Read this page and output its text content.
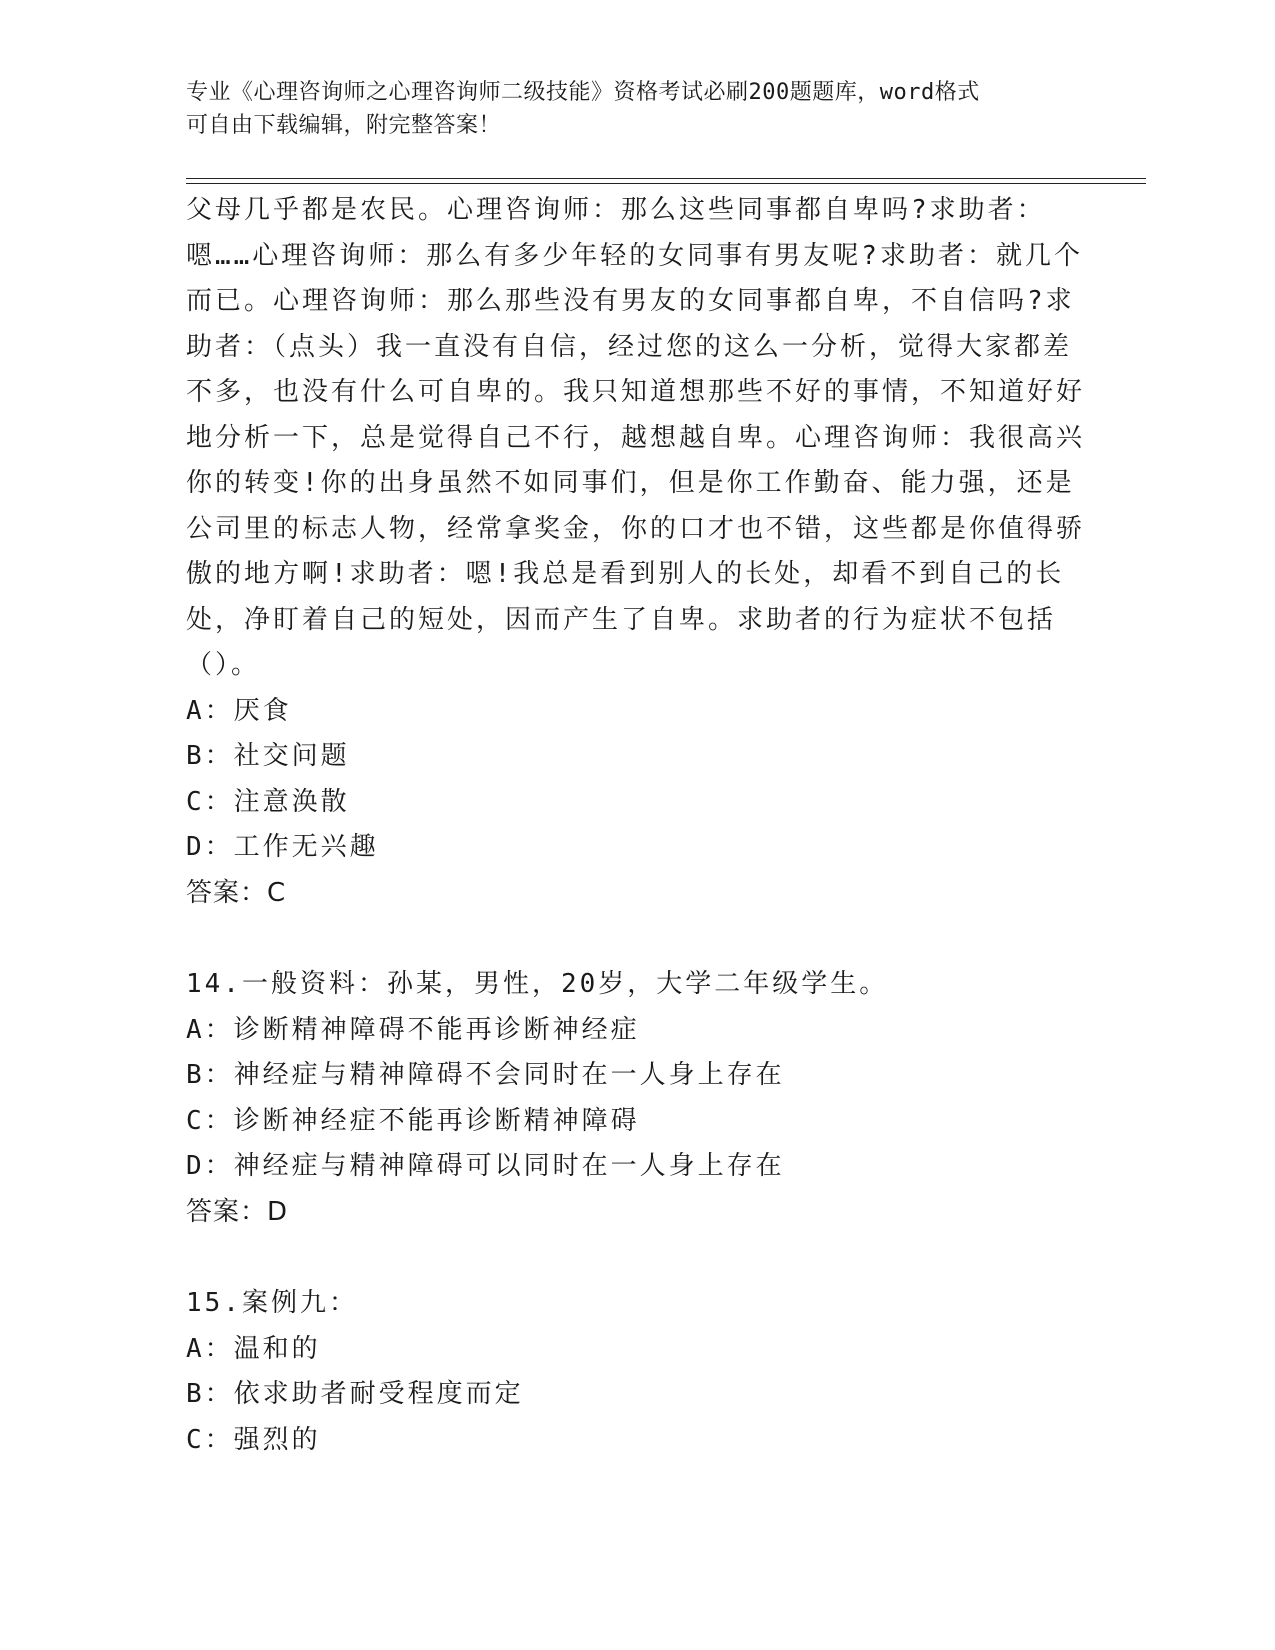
专业《心理咨询师之心理咨询师二级技能》资格考试必刷200题题库，word格式
可自由下载编辑，附完整答案！

父母几乎都是农民。心理咨询师：那么这些同事都自卑吗?求助者：嗯……心理咨询师：那么有多少年轻的女同事有男友呢?求助者：就几个而已。心理咨询师：那么那些没有男友的女同事都自卑，不自信吗?求助者：（点头）我一直没有自信，经过您的这么一分析，觉得大家都差不多，也没有什么可自卑的。我只知道想那些不好的事情，不知道好好地分析一下，总是觉得自己不行，越想越自卑。心理咨询师：我很高兴你的转变!你的出身虽然不如同事们，但是你工作勤奋、能力强，还是公司里的标志人物，经常拿奖金，你的口才也不错，这些都是你值得骄傲的地方啊!求助者：嗯!我总是看到别人的长处，却看不到自己的长处，净盯着自己的短处，因而产生了自卑。求助者的行为症状不包括（）。

A：厌食

B：社交问题

C：注意涣散

D：工作无兴趣

答案：C

14.一般资料：孙某，男性，20岁，大学二年级学生。

A：诊断精神障碍不能再诊断神经症

B：神经症与精神障碍不会同时在一人身上存在

C：诊断神经症不能再诊断精神障碍

D：神经症与精神障碍可以同时在一人身上存在

答案：D

15.案例九：

A：温和的

B：依求助者耐受程度而定

C：强烈的
